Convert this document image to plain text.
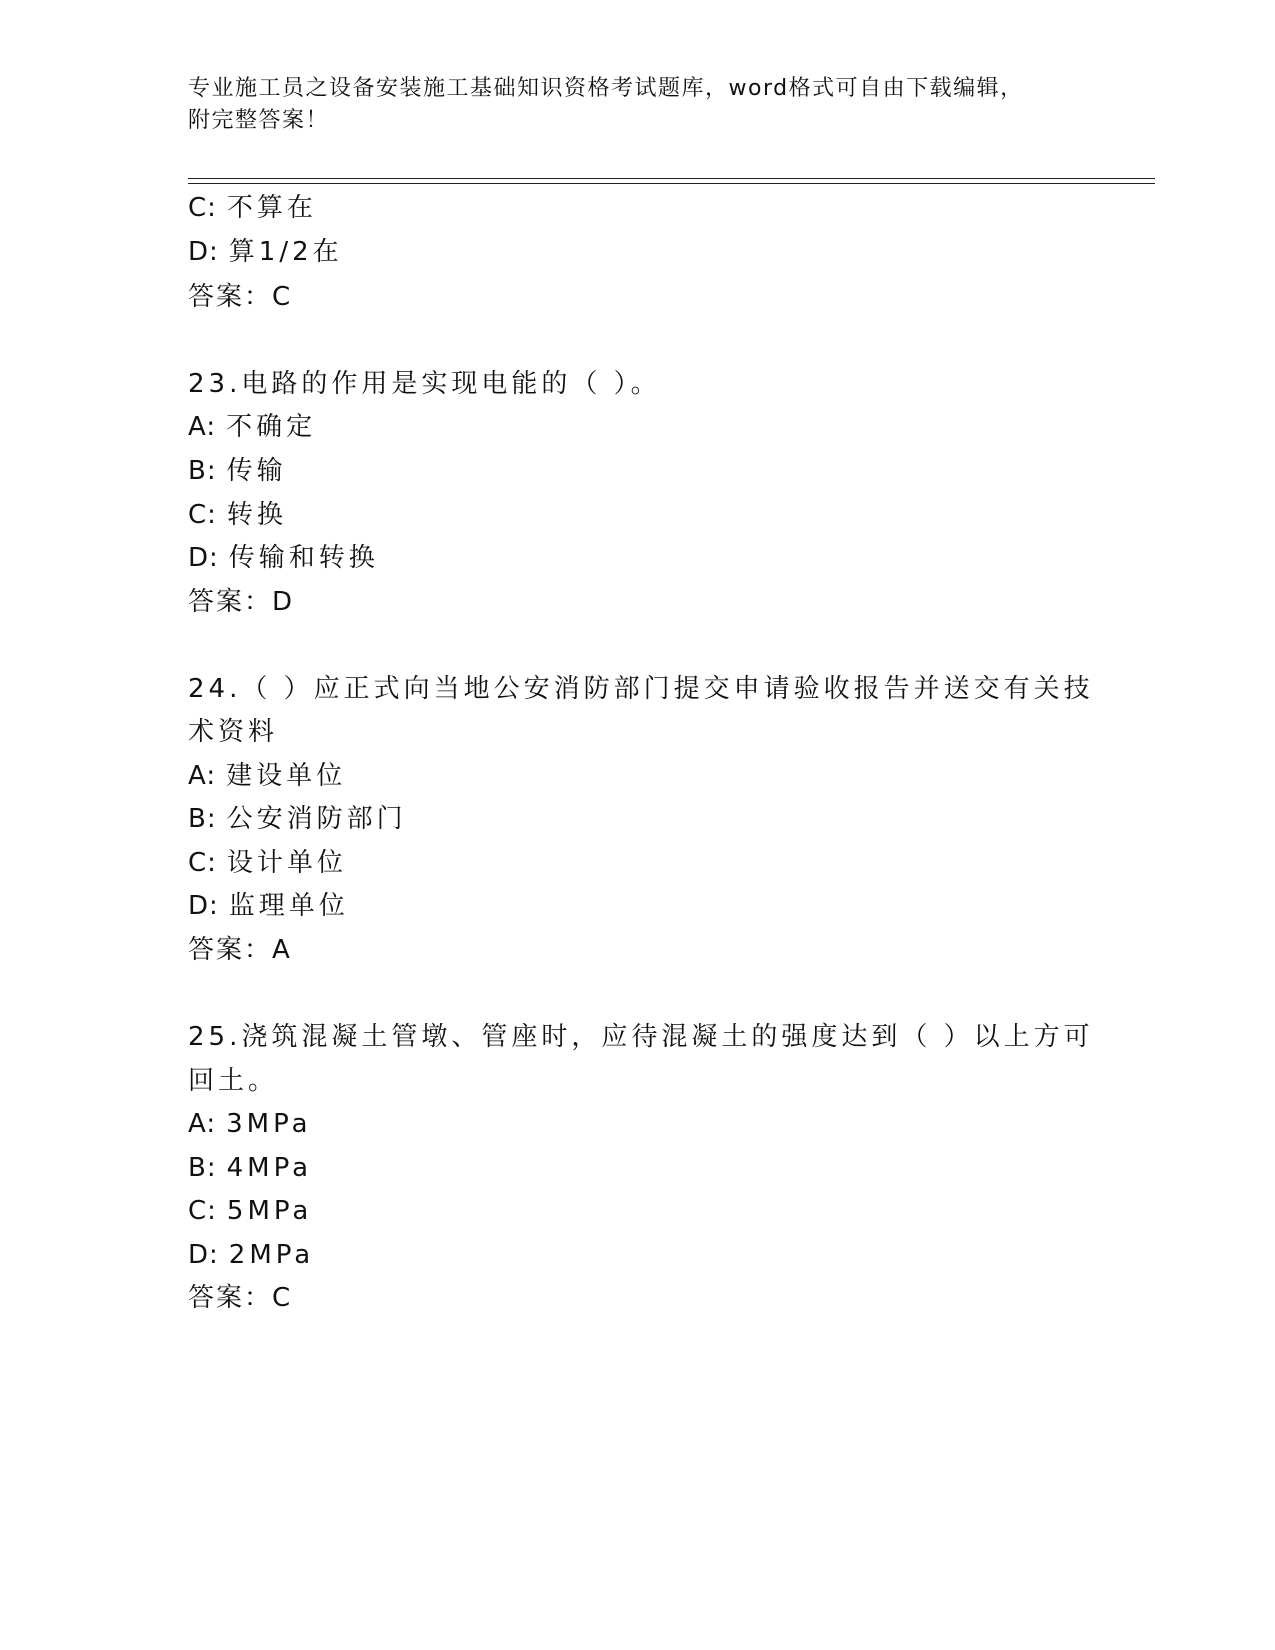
专业施工员之设备安装施工基础知识资格考试题库，word格式可自由下载编辑，
附完整答案！
C: 不算在
D: 算1/2在
答案：C
23.电路的作用是实现电能的（ ）。
A: 不确定
B: 传输
C: 转换
D: 传输和转换
答案：D
24.（ ）应正式向当地公安消防部门提交申请验收报告并送交有关技
术资料
A: 建设单位
B: 公安消防部门
C: 设计单位
D: 监理单位
答案：A
25.浇筑混凝土管墩、管座时，应待混凝土的强度达到（ ）以上方可
回土。
A: 3MPa
B: 4MPa
C: 5MPa
D: 2MPa
答案：C
